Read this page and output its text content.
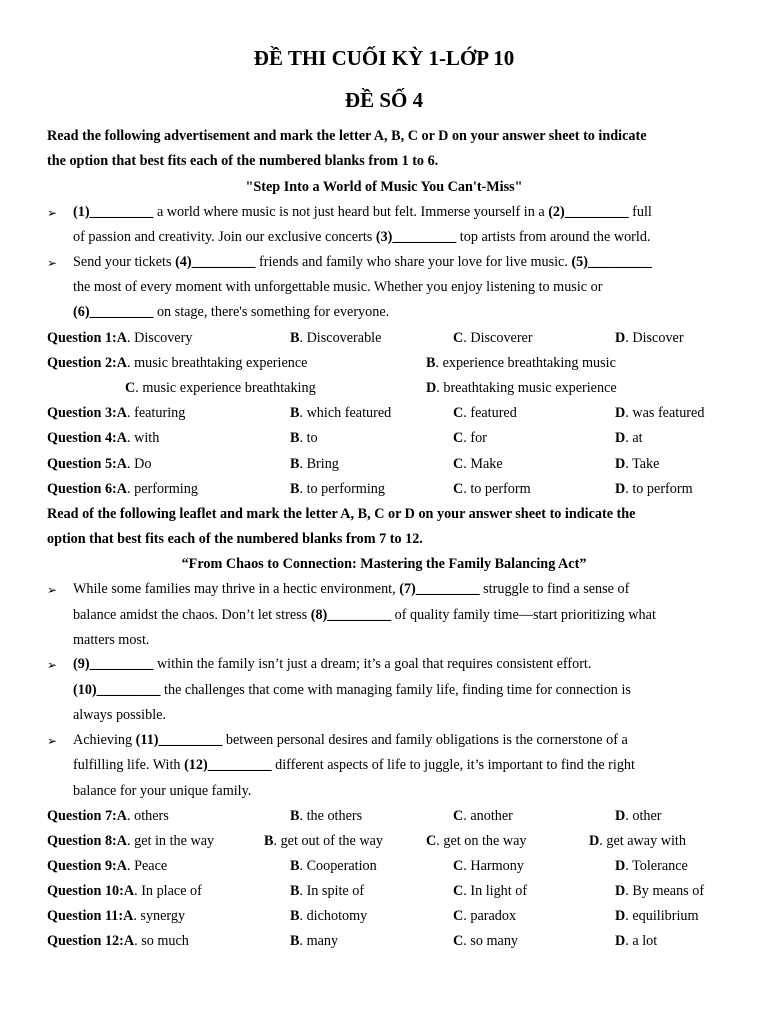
ĐỀ THI CUỐI KỲ 1-LỚP 10
ĐỀ SỐ 4
Read the following advertisement and mark the letter A, B, C or D on your answer sheet to indicate
the option that best fits each of the numbered blanks from 1 to 6.
"Step Into a World of Music You Can't-Miss"
➢ (1)_________ a world where music is not just heard but felt. Immerse yourself in a (2)_________ full
of passion and creativity. Join our exclusive concerts (3)_________ top artists from around the world.
➢ Send your tickets (4)_________ friends and family who share your love for live music. (5)_________
the most of every moment with unforgettable music. Whether you enjoy listening to music or
(6)_________ on stage, there's something for everyone.
Question 1:A. Discovery	B. Discoverable	C. Discoverer	D. Discover
Question 2:A. music breathtaking experience	B. experience breathtaking music
C. music experience breathtaking	D. breathtaking music experience
Question 3:A. featuring	B. which featured	C. featured	D. was featured
Question 4:A. with	B. to	C. for	D. at
Question 5:A. Do	B. Bring	C. Make	D. Take
Question 6:A. performing	B. to performing	C. to perform	D. to perform
Read of the following leaflet and mark the letter A, B, C or D on your answer sheet to indicate the
option that best fits each of the numbered blanks from 7 to 12.
“From Chaos to Connection: Mastering the Family Balancing Act”
➢ While some families may thrive in a hectic environment, (7)_________ struggle to find a sense of
balance amidst the chaos. Don’t let stress (8)_________ of quality family time—start prioritizing what
matters most.
➢ (9)_________ within the family isn’t just a dream; it’s a goal that requires consistent effort.
(10)_________ the challenges that come with managing family life, finding time for connection is
always possible.
➢ Achieving (11)_________ between personal desires and family obligations is the cornerstone of a
fulfilling life. With (12)_________ different aspects of life to juggle, it’s important to find the right
balance for your unique family.
Question 7:A. others	B. the others	C. another	D. other
Question 8:A. get in the way	B. get out of the way	C. get on the way	D. get away with
Question 9:A. Peace	B. Cooperation	C. Harmony	D. Tolerance
Question 10:A. In place of	B. In spite of	C. In light of	D. By means of
Question 11:A. synergy	B. dichotomy	C. paradox	D. equilibrium
Question 12:A. so much	B. many	C. so many	D. a lot
